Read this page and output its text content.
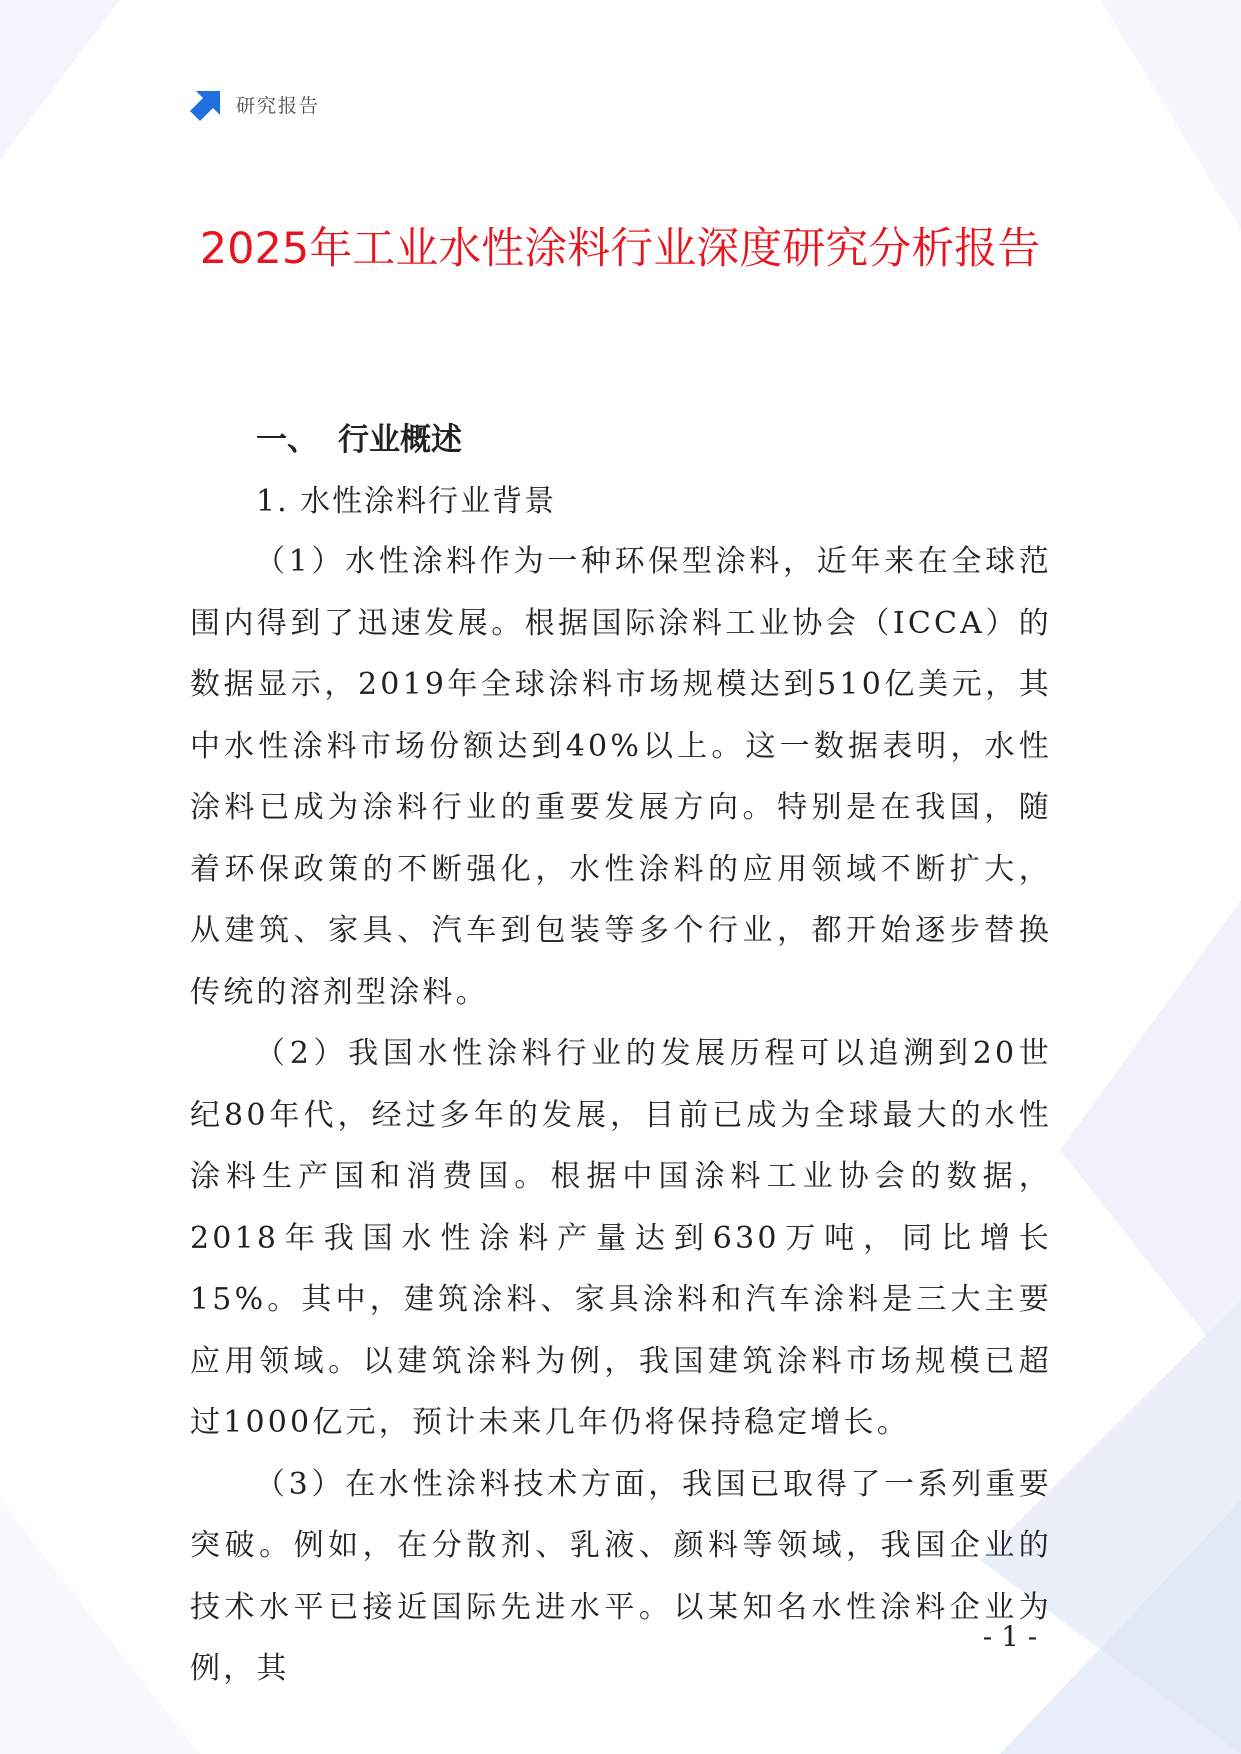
研究报告
2025年工业水性涂料行业深度研究分析报告
一、 行业概述
1. 水性涂料行业背景

（1）水性涂料作为一种环保型涂料，近年来在全球范围内得到了迅速发展。根据国际涂料工业协会（ICCA）的数据显示，2019年全球涂料市场规模达到510亿美元，其中水性涂料市场份额达到40%以上。这一数据表明，水性涂料已成为涂料行业的重要发展方向。特别是在我国，随着环保政策的不断强化，水性涂料的应用领域不断扩大，从建筑、家具、汽车到包装等多个行业，都开始逐步替换传统的溶剂型涂料。

（2）我国水性涂料行业的发展历程可以追溯到20世纪80年代，经过多年的发展，目前已成为全球最大的水性涂料生产国和消费国。根据中国涂料工业协会的数据，2018年我国水性涂料产量达到630万吨，同比增长15%。其中，建筑涂料、家具涂料和汽车涂料是三大主要应用领域。以建筑涂料为例，我国建筑涂料市场规模已超过1000亿元，预计未来几年仍将保持稳定增长。

（3）在水性涂料技术方面，我国已取得了一系列重要突破。例如，在分散剂、乳液、颜料等领域，我国企业的技术水平已接近国际先进水平。以某知名水性涂料企业为例，其

- 1 -
